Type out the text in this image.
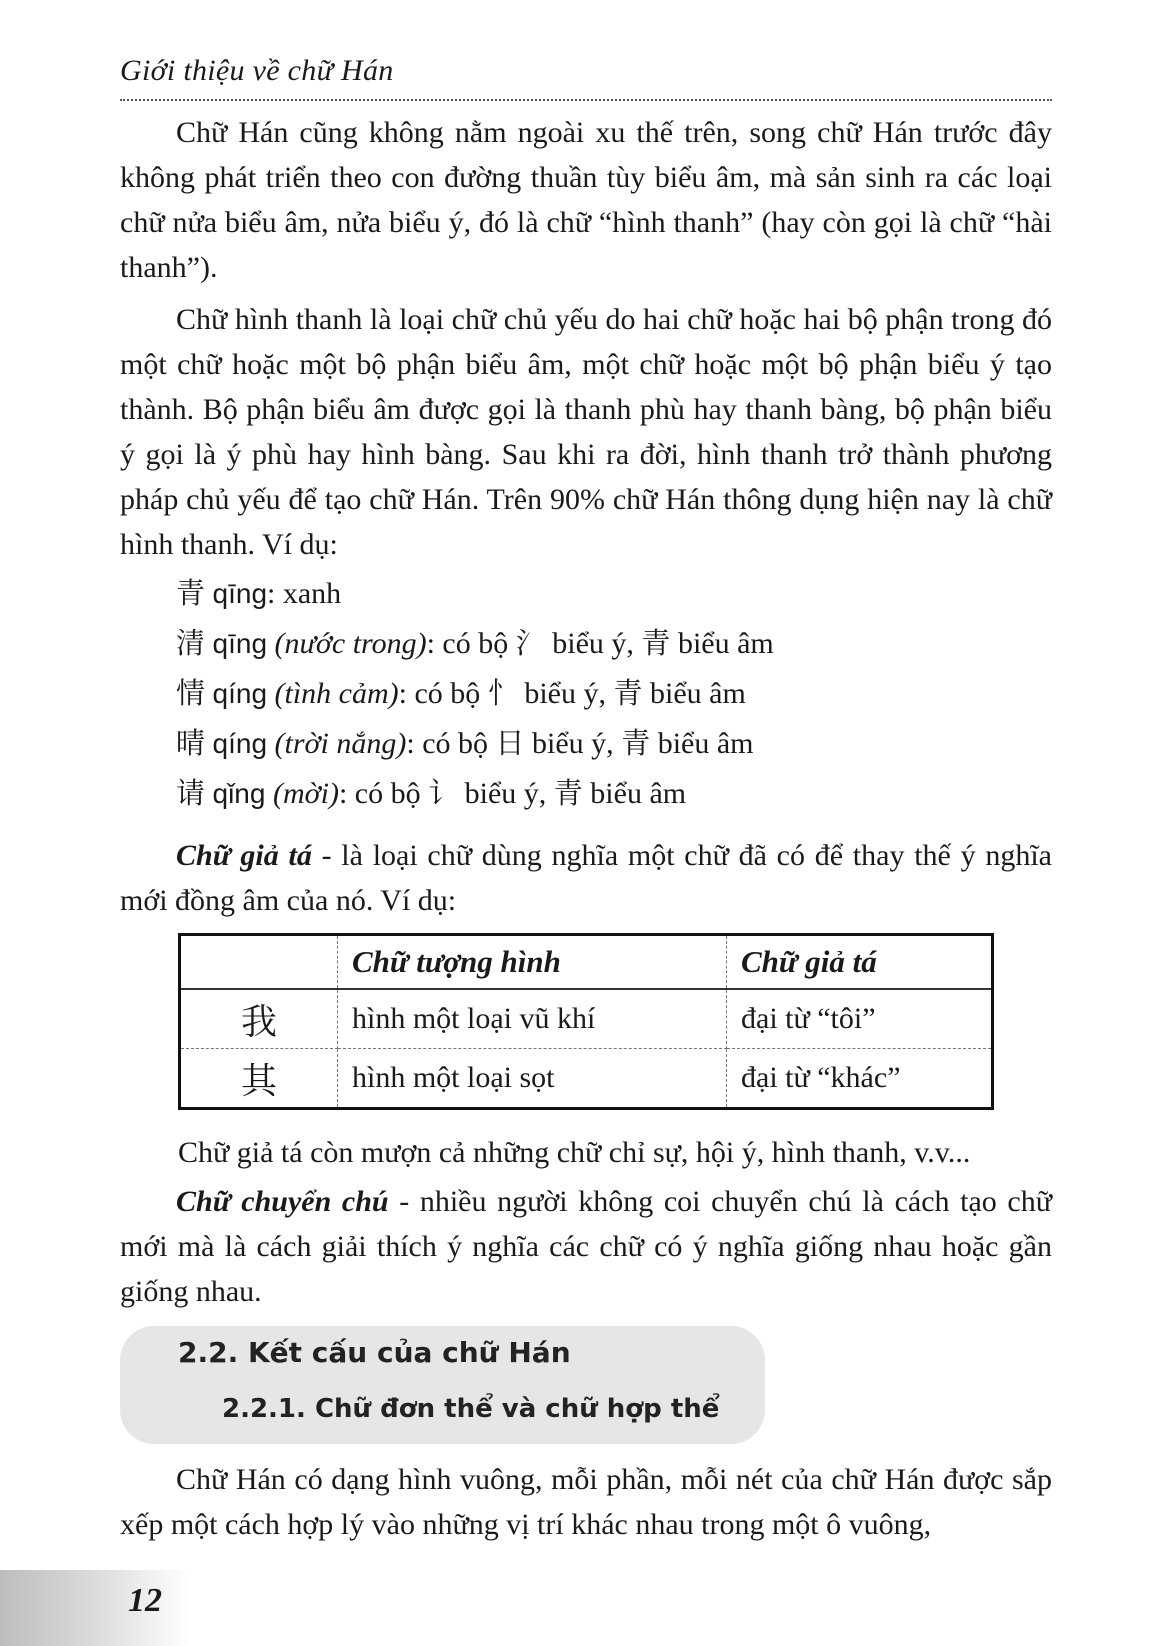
Giới thiệu về chữ Hán

Chữ Hán cũng không nằm ngoài xu thế trên, song chữ Hán trước đây không phát triển theo con đường thuần tùy biểu âm, mà sản sinh ra các loại chữ nửa biểu âm, nửa biểu ý, đó là chữ “hình thanh” (hay còn gọi là chữ “hài thanh”).

Chữ hình thanh là loại chữ chủ yếu do hai chữ hoặc hai bộ phận trong đó một chữ hoặc một bộ phận biểu âm, một chữ hoặc một bộ phận biểu ý tạo thành. Bộ phận biểu âm được gọi là thanh phù hay thanh bàng, bộ phận biểu ý gọi là ý phù hay hình bàng. Sau khi ra đời, hình thanh trở thành phương pháp chủ yếu để tạo chữ Hán. Trên 90% chữ Hán thông dụng hiện nay là chữ hình thanh. Ví dụ:

青 qīng: xanh
清 qīng (nước trong): có bộ 氵 biểu ý, 青 biểu âm
情 qíng (tình cảm): có bộ 忄 biểu ý, 青 biểu âm
晴 qíng (trời nắng): có bộ 日 biểu ý, 青 biểu âm
请 qǐng (mời): có bộ 讠 biểu ý, 青 biểu âm

Chữ giả tá - là loại chữ dùng nghĩa một chữ đã có để thay thế ý nghĩa mới đồng âm của nó. Ví dụ:

	Chữ tượng hình	Chữ giả tá
我	hình một loại vũ khí	đại từ “tôi”
其	hình một loại sọt	đại từ “khác”
Chữ giả tá còn mượn cả những chữ chỉ sự, hội ý, hình thanh, v.v...

Chữ chuyển chú - nhiều người không coi chuyển chú là cách tạo chữ mới mà là cách giải thích ý nghĩa các chữ có ý nghĩa giống nhau hoặc gần giống nhau.

2.2. Kết cấu của chữ Hán
2.2.1. Chữ đơn thể và chữ hợp thể

Chữ Hán có dạng hình vuông, mỗi phần, mỗi nét của chữ Hán được sắp xếp một cách hợp lý vào những vị trí khác nhau trong một ô vuông,

12
